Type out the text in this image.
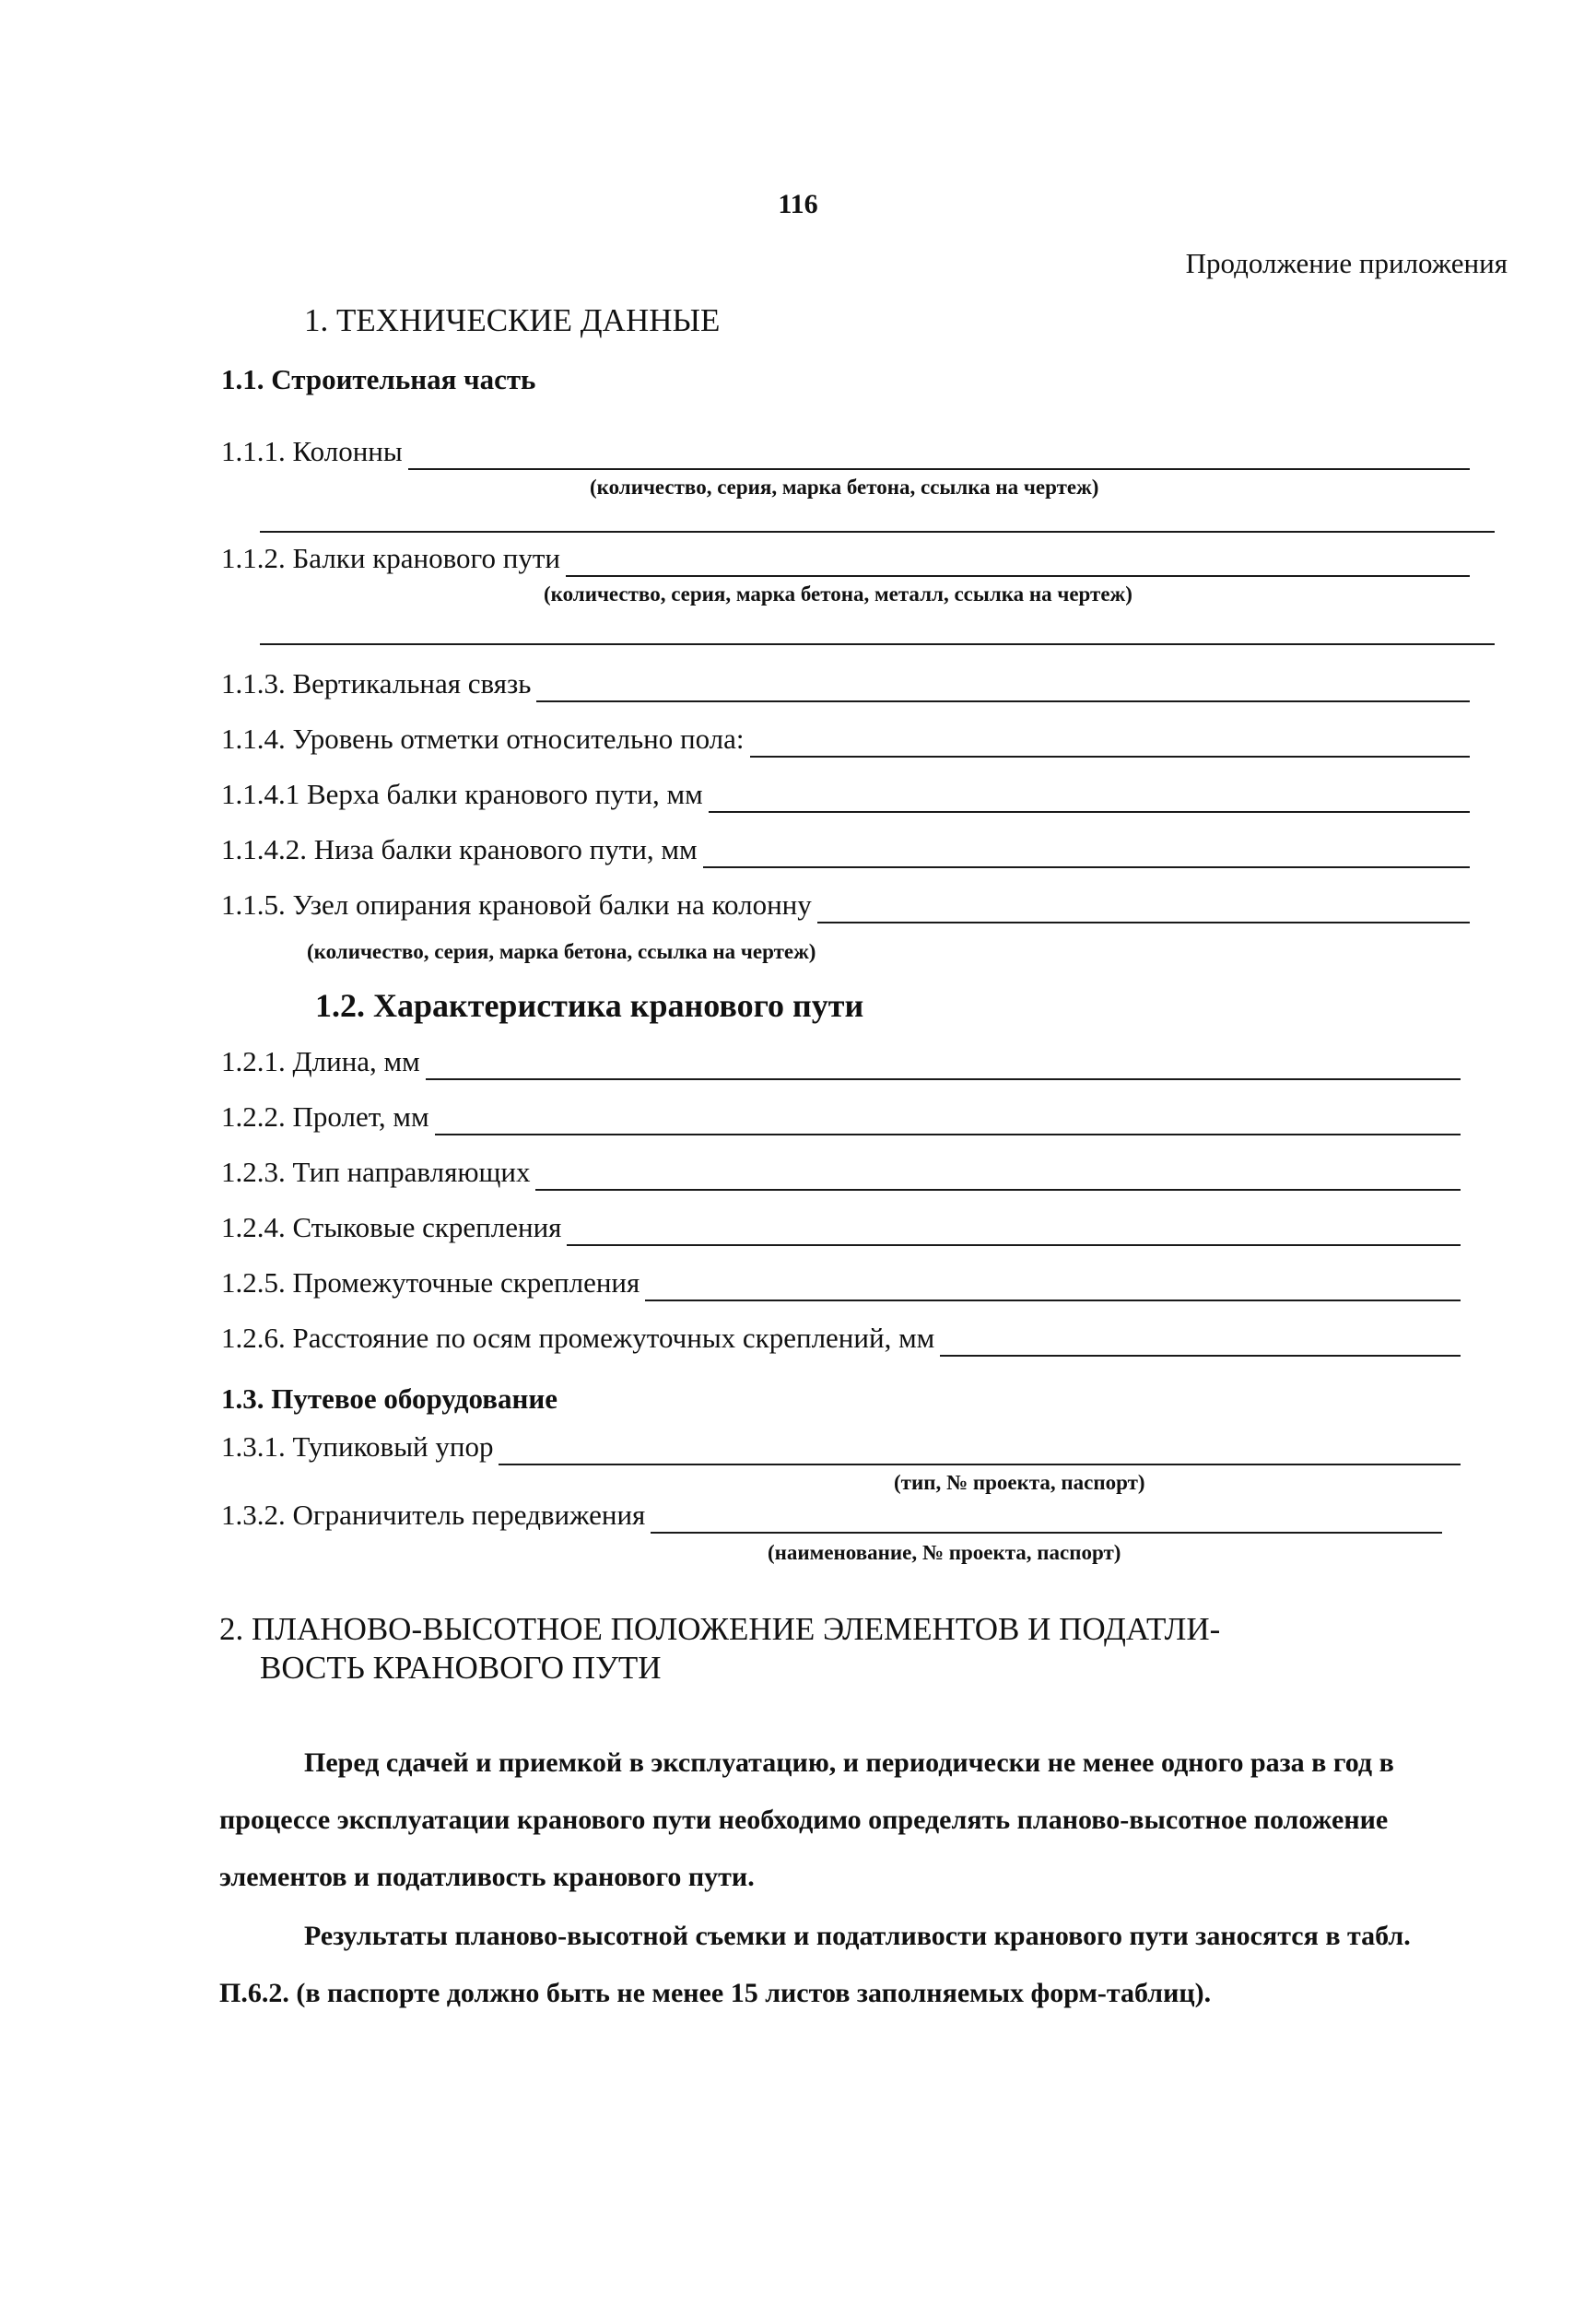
116
Продолжение приложения
1. ТЕХНИЧЕСКИЕ ДАННЫЕ
1.1. Строительная часть
1.1.1. Колонны
(количество, серия, марка бетона, ссылка на чертеж)
1.1.2. Балки кранового пути
(количество, серия, марка бетона, металл, ссылка на чертеж)
1.1.3. Вертикальная связь
1.1.4. Уровень отметки относительно пола:
1.1.4.1 Верха балки кранового пути, мм
1.1.4.2. Низа балки кранового пути, мм
1.1.5. Узел опирания крановой балки на колонну
(количество, серия, марка бетона, ссылка на чертеж)
1.2. Характеристика кранового пути
1.2.1. Длина, мм
1.2.2. Пролет, мм
1.2.3. Тип направляющих
1.2.4. Стыковые скрепления
1.2.5. Промежуточные скрепления
1.2.6. Расстояние по осям промежуточных скреплений, мм
1.3. Путевое оборудование
1.3.1. Тупиковый упор
(тип, № проекта, паспорт)
1.3.2. Ограничитель передвижения
(наименование, № проекта, паспорт)
2. ПЛАНОВО-ВЫСОТНОЕ ПОЛОЖЕНИЕ ЭЛЕМЕНТОВ И ПОДАТЛИ-
ВОСТЬ КРАНОВОГО ПУТИ
Перед сдачей и приемкой в эксплуатацию, и периодически не менее одного раза в год в процессе эксплуатации кранового пути необходимо определять планово-высотное положение элементов и податливость кранового пути.
Результаты планово-высотной съемки и податливости кранового пути заносятся в табл. П.6.2. (в паспорте должно быть не менее 15 листов заполняемых форм-таблиц).
